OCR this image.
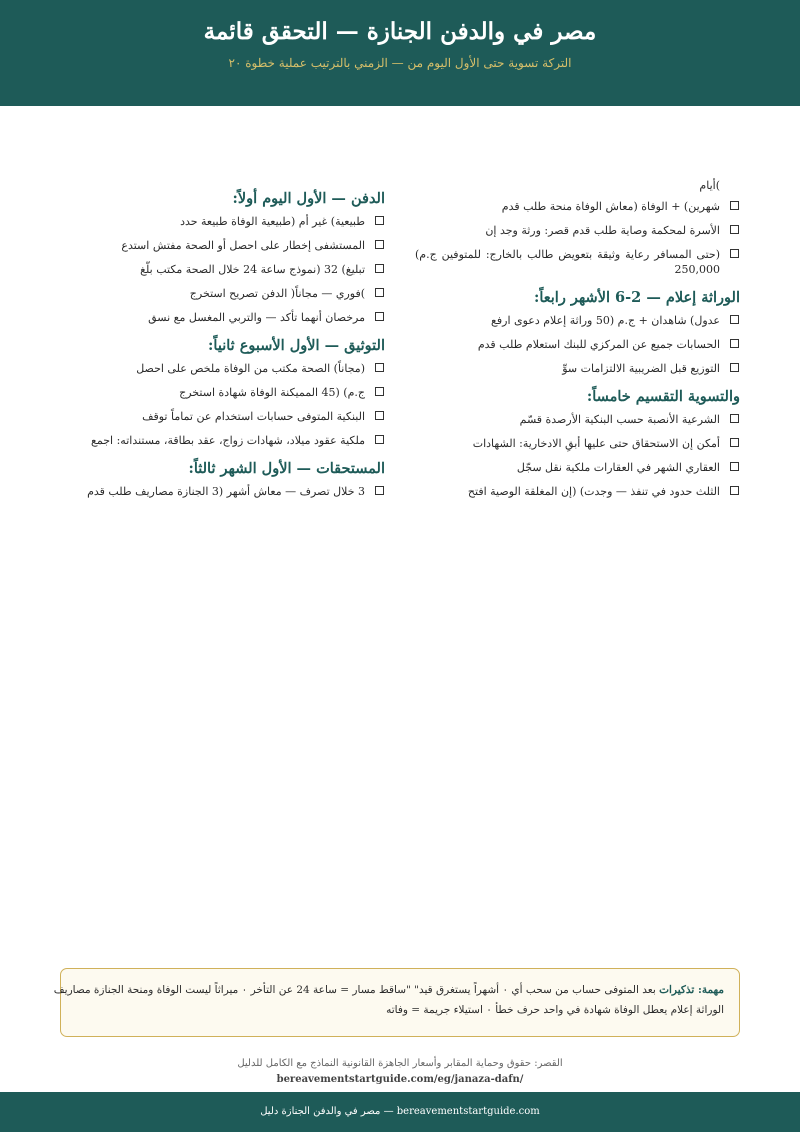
مصر في والدفن الجنازة — التحقق قائمة
التركة تسوية حتى الأول اليوم من — الزمني بالترتيب عملية خطوة ٢٠
)أيام
شهرين) + الوفاة (معاش الوفاة منحة طلب قدم
الأسرة لمحكمة وصاية طلب قدم قصر: ورثة وجد إن
(حتى المسافر رعاية وثيقة بتعويض طالب بالخارج: للمتوفين ج.م) 250,000
الوراثة إعلام — 2-6 الأشهر رابعاً:
عدول) شاهدان + ج.م (50 وراثة إعلام دعوى ارفع
الحسابات جميع عن المركزي للبنك استعلام طلب قدم
التوزيع قبل الضريبية الالتزامات سوِّ
والتسوية التقسيم خامساً:
الشرعية الأنصبة حسب البنكية الأرصدة قسّم
أمكن إن الاستحقاق حتى عليها أبقِ الادخارية: الشهادات
العقاري الشهر في العقارات ملكية نقل سجّل
الثلث حدود في تنفذ — وجدت) (إن المغلقة الوصية افتح
الدفن — الأول اليوم أولاً:
طبيعية) غير أم (طبيعية الوفاة طبيعة حدد
المستشفى إخطار على احصل أو الصحة مفتش استدع
تبليغ) 32 (نموذج ساعة 24 خلال الصحة مكتب بلّغ
)فوري — مجاناً( الدفن تصريح استخرج
مرخصان أنهما تأكد — والتربي المغسل مع نسق
التوثيق — الأول الأسبوع ثانياً:
(مجاناً) الصحة مكتب من الوفاة ملخص على احصل
ج.م) (45 المميكنة الوفاة شهادة استخرج
البنكية المتوفى حسابات استخدام عن تماماً توقف
ملكية عقود ميلاد، شهادات زواج، عقد بطاقة، مستنداته: اجمع
المستحقات — الأول الشهر ثالثاً:
3 خلال تصرف — معاش أشهر (3 الجنازة مصاريف طلب قدم
مهمة: تذكيرات بعد المتوفى حساب من سحب أي ٠ أشهراً يستغرق قيد" "ساقط مسار = ساعة 24 عن التأخر ٠ ميراثاً ليست الوفاة ومنحة الجنازة مصاريف
الوراثة إعلام يعطل الوفاة شهادة في واحد حرف خطأ ٠ استيلاء جريمة = وفاته
القصر: حقوق وحماية المقابر وأسعار الجاهزة القانونية النماذج مع الكامل للدليل
bereavementstartguide.com/eg/janaza-dafn/
bereavementstartguide.com — مصر في والدفن الجنازة دليل
